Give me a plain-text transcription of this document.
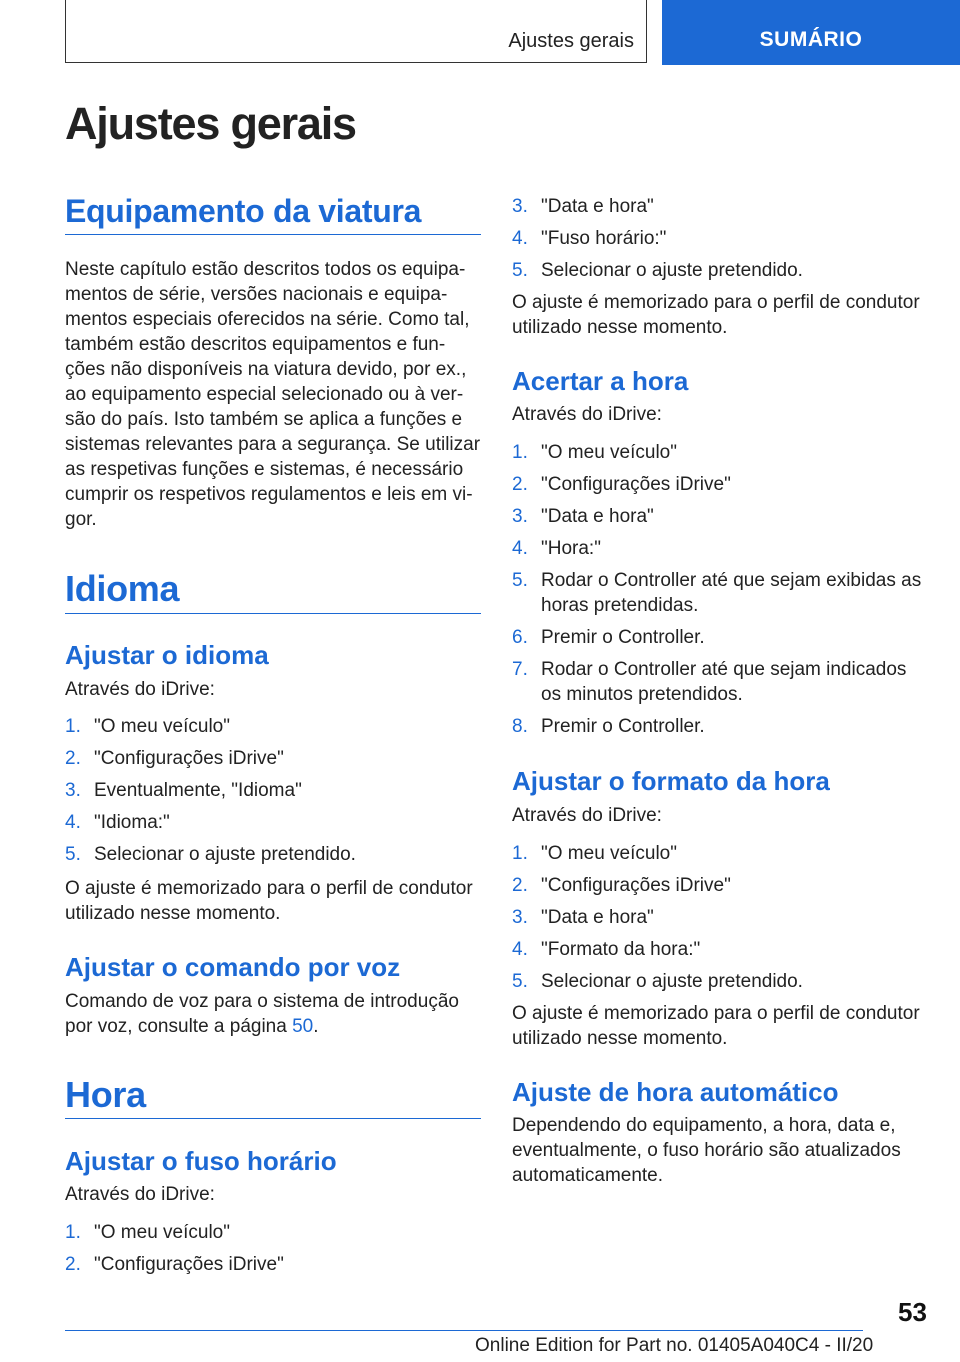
Ajustes gerais	SUMÁRIO
Ajustes gerais
Equipamento da viatura
Neste capítulo estão descritos todos os equipa-
mentos de série, versões nacionais e equipa-
mentos especiais oferecidos na série. Como tal,
também estão descritos equipamentos e fun-
ções não disponíveis na viatura devido, por ex.,
ao equipamento especial selecionado ou à ver-
são do país. Isto também se aplica a funções e
sistemas relevantes para a segurança. Se utilizar
as respetivas funções e sistemas, é necessário
cumprir os respetivos regulamentos e leis em vi-
gor.
Idioma
Ajustar o idioma
Através do iDrive:
1. "O meu veículo"
2. "Configurações iDrive"
3. Eventualmente, "Idioma"
4. "Idioma:"
5. Selecionar o ajuste pretendido.
O ajuste é memorizado para o perfil de condutor
utilizado nesse momento.
Ajustar o comando por voz
Comando de voz para o sistema de introdução
por voz, consulte a página 50.
Hora
Ajustar o fuso horário
Através do iDrive:
1. "O meu veículo"
2. "Configurações iDrive"
3. "Data e hora"
4. "Fuso horário:"
5. Selecionar o ajuste pretendido.
O ajuste é memorizado para o perfil de condutor
utilizado nesse momento.
Acertar a hora
Através do iDrive:
1. "O meu veículo"
2. "Configurações iDrive"
3. "Data e hora"
4. "Hora:"
5. Rodar o Controller até que sejam exibidas as
horas pretendidas.
6. Premir o Controller.
7. Rodar o Controller até que sejam indicados
os minutos pretendidos.
8. Premir o Controller.
Ajustar o formato da hora
Através do iDrive:
1. "O meu veículo"
2. "Configurações iDrive"
3. "Data e hora"
4. "Formato da hora:"
5. Selecionar o ajuste pretendido.
O ajuste é memorizado para o perfil de condutor
utilizado nesse momento.
Ajuste de hora automático
Dependendo do equipamento, a hora, data e,
eventualmente, o fuso horário são atualizados
automaticamente.
53
Online Edition for Part no. 01405A040C4 - II/20
